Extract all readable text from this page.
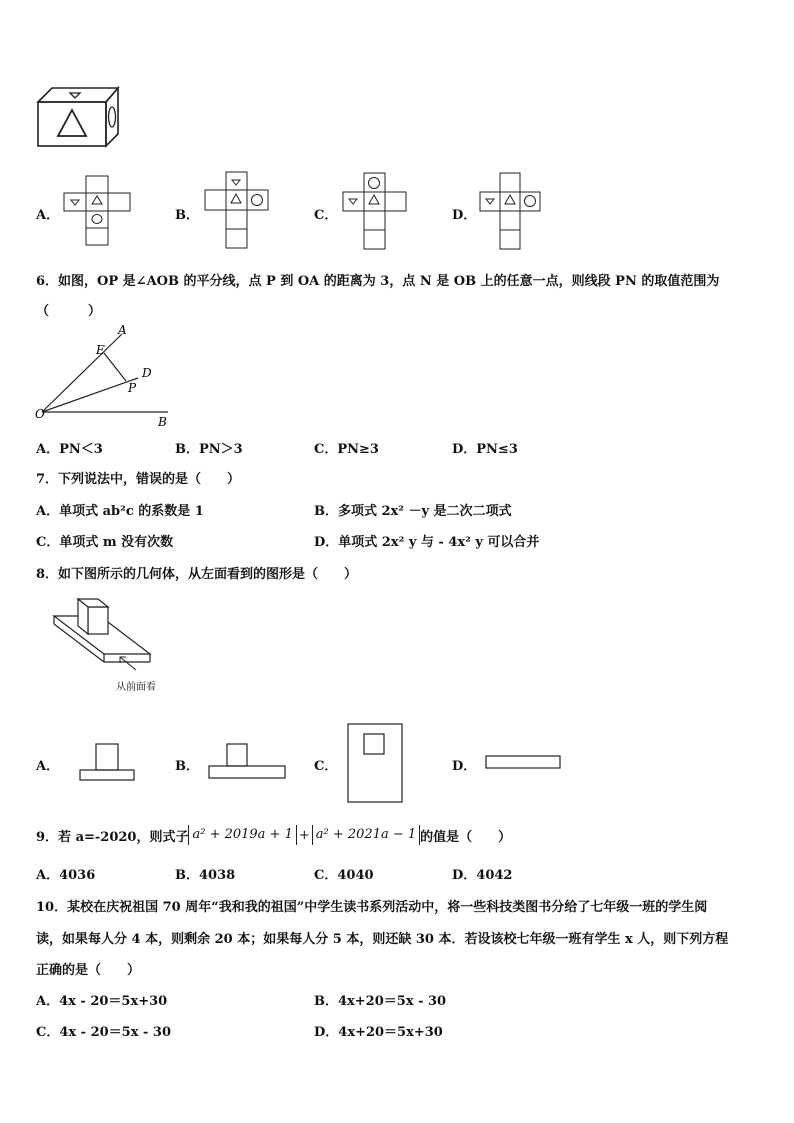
A．	B．	C．	D．
6．如图，OP 是∠AOB 的平分线，点 P 到 OA 的距离为 3，点 N 是 OB 上的任意一点，则线段 PN 的取值范围为
（　　　）
A
E
D
P
O
B
A．PN＜3	B．PN＞3	C．PN≥3	D．PN≤3
7．下列说法中，错误的是（　　）
A．单项式 ab²c 的系数是 1	B．多项式 2x² －y 是二次二项式
C．单项式 m 没有次数	D．单项式 2x² y 与 - 4x² y 可以合并
8．如下图所示的几何体，从左面看到的图形是（　　）
从前面看
A．	B．	C．	D．
9．若 a=-2020，则式子 a² + 2019a + 1 + a² + 2021a − 1 的值是（　　）
A．4036	B．4038	C．4040	D．4042
10．某校在庆祝祖国 70 周年“我和我的祖国”中学生读书系列活动中，将一些科技类图书分给了七年级一班的学生阅
读，如果每人分 4 本，则剩余 20 本；如果每人分 5 本，则还缺 30 本．若设该校七年级一班有学生 x 人，则下列方程
正确的是（　　）
A．4x - 20＝5x+30	B．4x+20＝5x - 30
C．4x - 20＝5x - 30	D．4x+20＝5x+30
